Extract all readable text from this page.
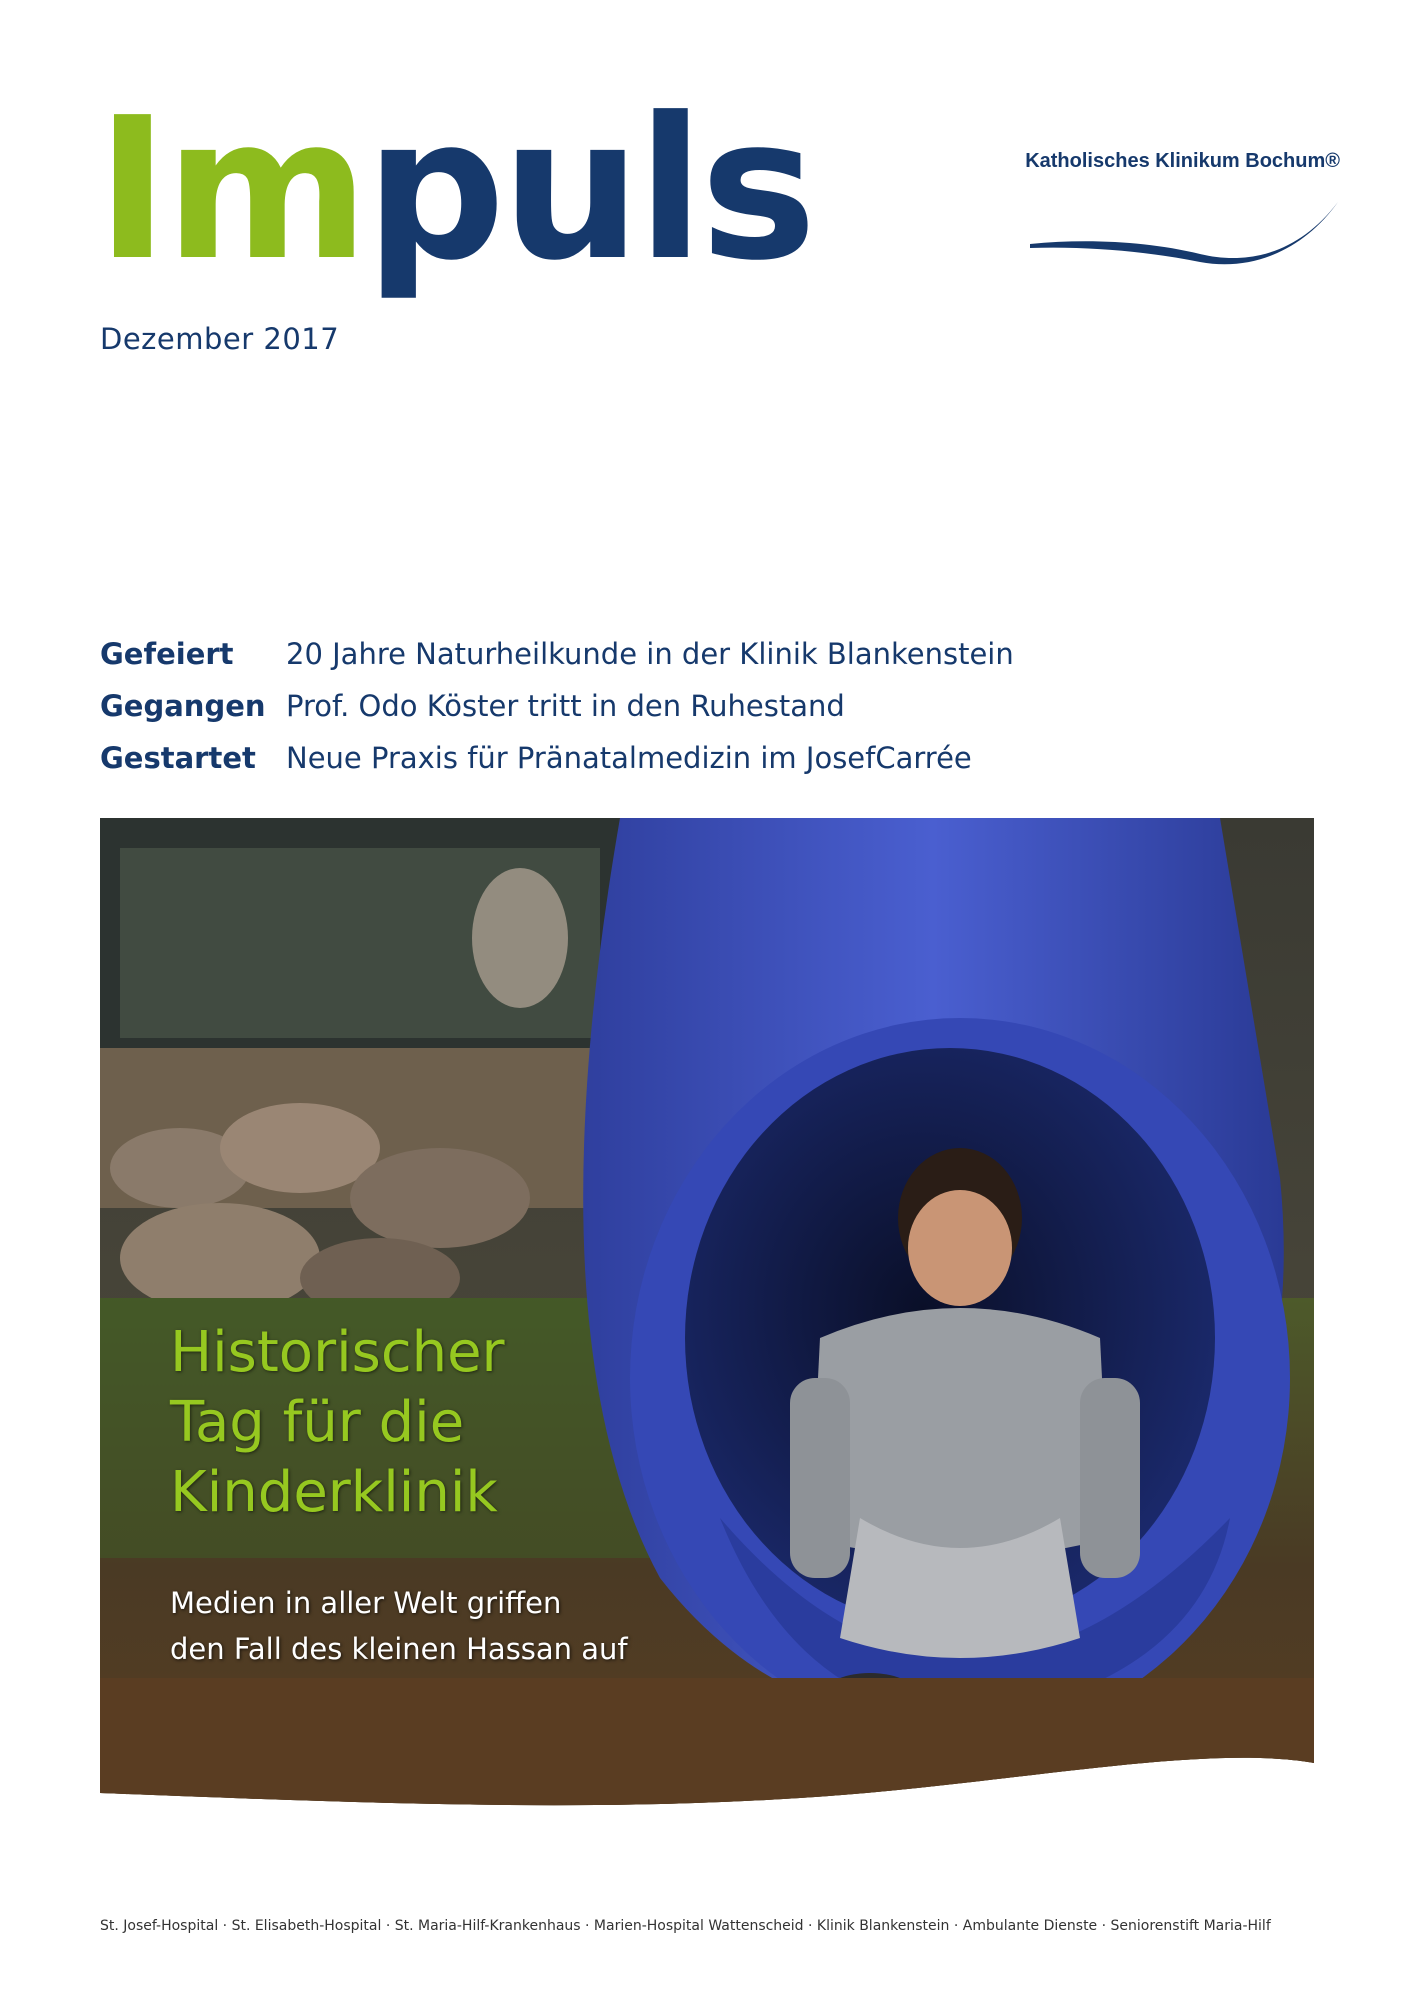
Impuls
Dezember 2017
Katholisches Klinikum Bochum®
Gefeiert	20 Jahre Naturheilkunde in der Klinik Blankenstein
Gegangen Prof. Odo Köster tritt in den Ruhestand
Gestartet	Neue Praxis für Pränatalmedizin im JosefCarrée
Historischer
Tag für die
Kinderklinik
Medien in aller Welt griffen
den Fall des kleinen Hassan auf
St. Josef-Hospital · St. Elisabeth-Hospital · St. Maria-Hilf-Krankenhaus · Marien-Hospital Wattenscheid · Klinik Blankenstein · Ambulante Dienste · Seniorenstift Maria-Hilf
